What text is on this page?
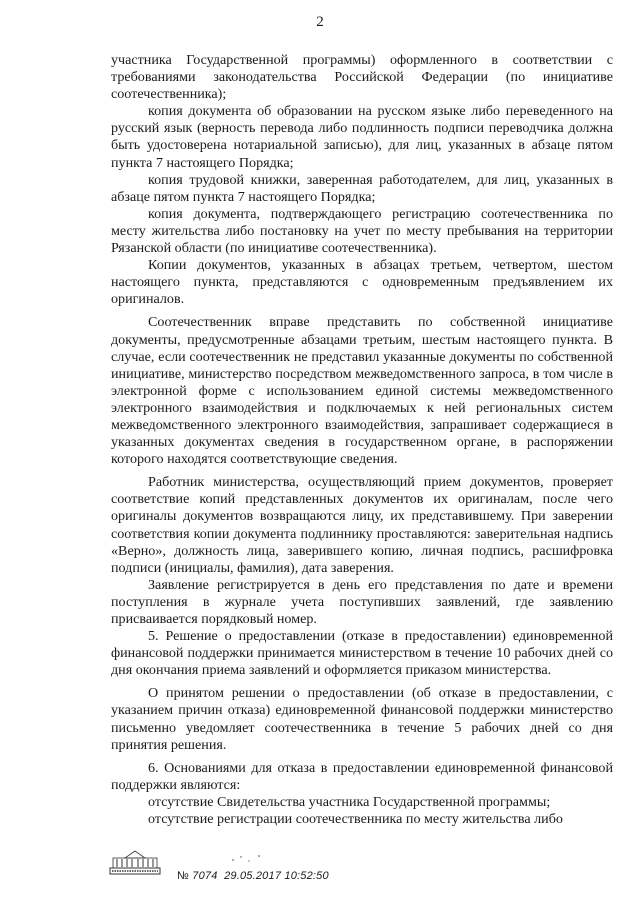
2

участника Государственной программы) оформленного в соответствии с требованиями законодательства Российской Федерации (по инициативе соотечественника);

копия документа об образовании на русском языке либо переведенного на русский язык (верность перевода либо подлинность подписи переводчика должна быть удостоверена нотариальной записью), для лиц, указанных в абзаце пятом пункта 7 настоящего Порядка;

копия трудовой книжки, заверенная работодателем, для лиц, указанных в абзаце пятом пункта 7 настоящего Порядка;

копия документа, подтверждающего регистрацию соотечественника по месту жительства либо постановку на учет по месту пребывания на территории Рязанской области (по инициативе соотечественника).

Копии документов, указанных в абзацах третьем, четвертом, шестом настоящего пункта, представляются с одновременным предъявлением их оригиналов.

Соотечественник вправе представить по собственной инициативе документы, предусмотренные абзацами третьим, шестым настоящего пункта. В случае, если соотечественник не представил указанные документы по собственной инициативе, министерство посредством межведомственного запроса, в том числе в электронной форме с использованием единой системы межведомственного электронного взаимодействия и подключаемых к ней региональных систем межведомственного электронного взаимодействия, запрашивает содержащиеся в указанных документах сведения в государственном органе, в распоряжении которого находятся соответствующие сведения.

Работник министерства, осуществляющий прием документов, проверяет соответствие копий представленных документов их оригиналам, после чего оригиналы документов возвращаются лицу, их представившему. При заверении соответствия копии документа подлиннику проставляются: заверительная надпись «Верно», должность лица, заверившего копию, личная подпись, расшифровка подписи (инициалы, фамилия), дата заверения.

Заявление регистрируется в день его представления по дате и времени поступления в журнале учета поступивших заявлений, где заявлению присваивается порядковый номер.

5. Решение о предоставлении (отказе в предоставлении) единовременной финансовой поддержки принимается министерством в течение 10 рабочих дней со дня окончания приема заявлений и оформляется приказом министерства.

О принятом решении о предоставлении (об отказе в предоставлении, с указанием причин отказа) единовременной финансовой поддержки министерство письменно уведомляет соотечественника в течение 5 рабочих дней со дня принятия решения.

6. Основаниями для отказа в предоставлении единовременной финансовой поддержки являются:

отсутствие Свидетельства участника Государственной программы;

отсутствие регистрации соотечественника по месту жительства либо

№ 7074 29.05.2017 10:52:50
